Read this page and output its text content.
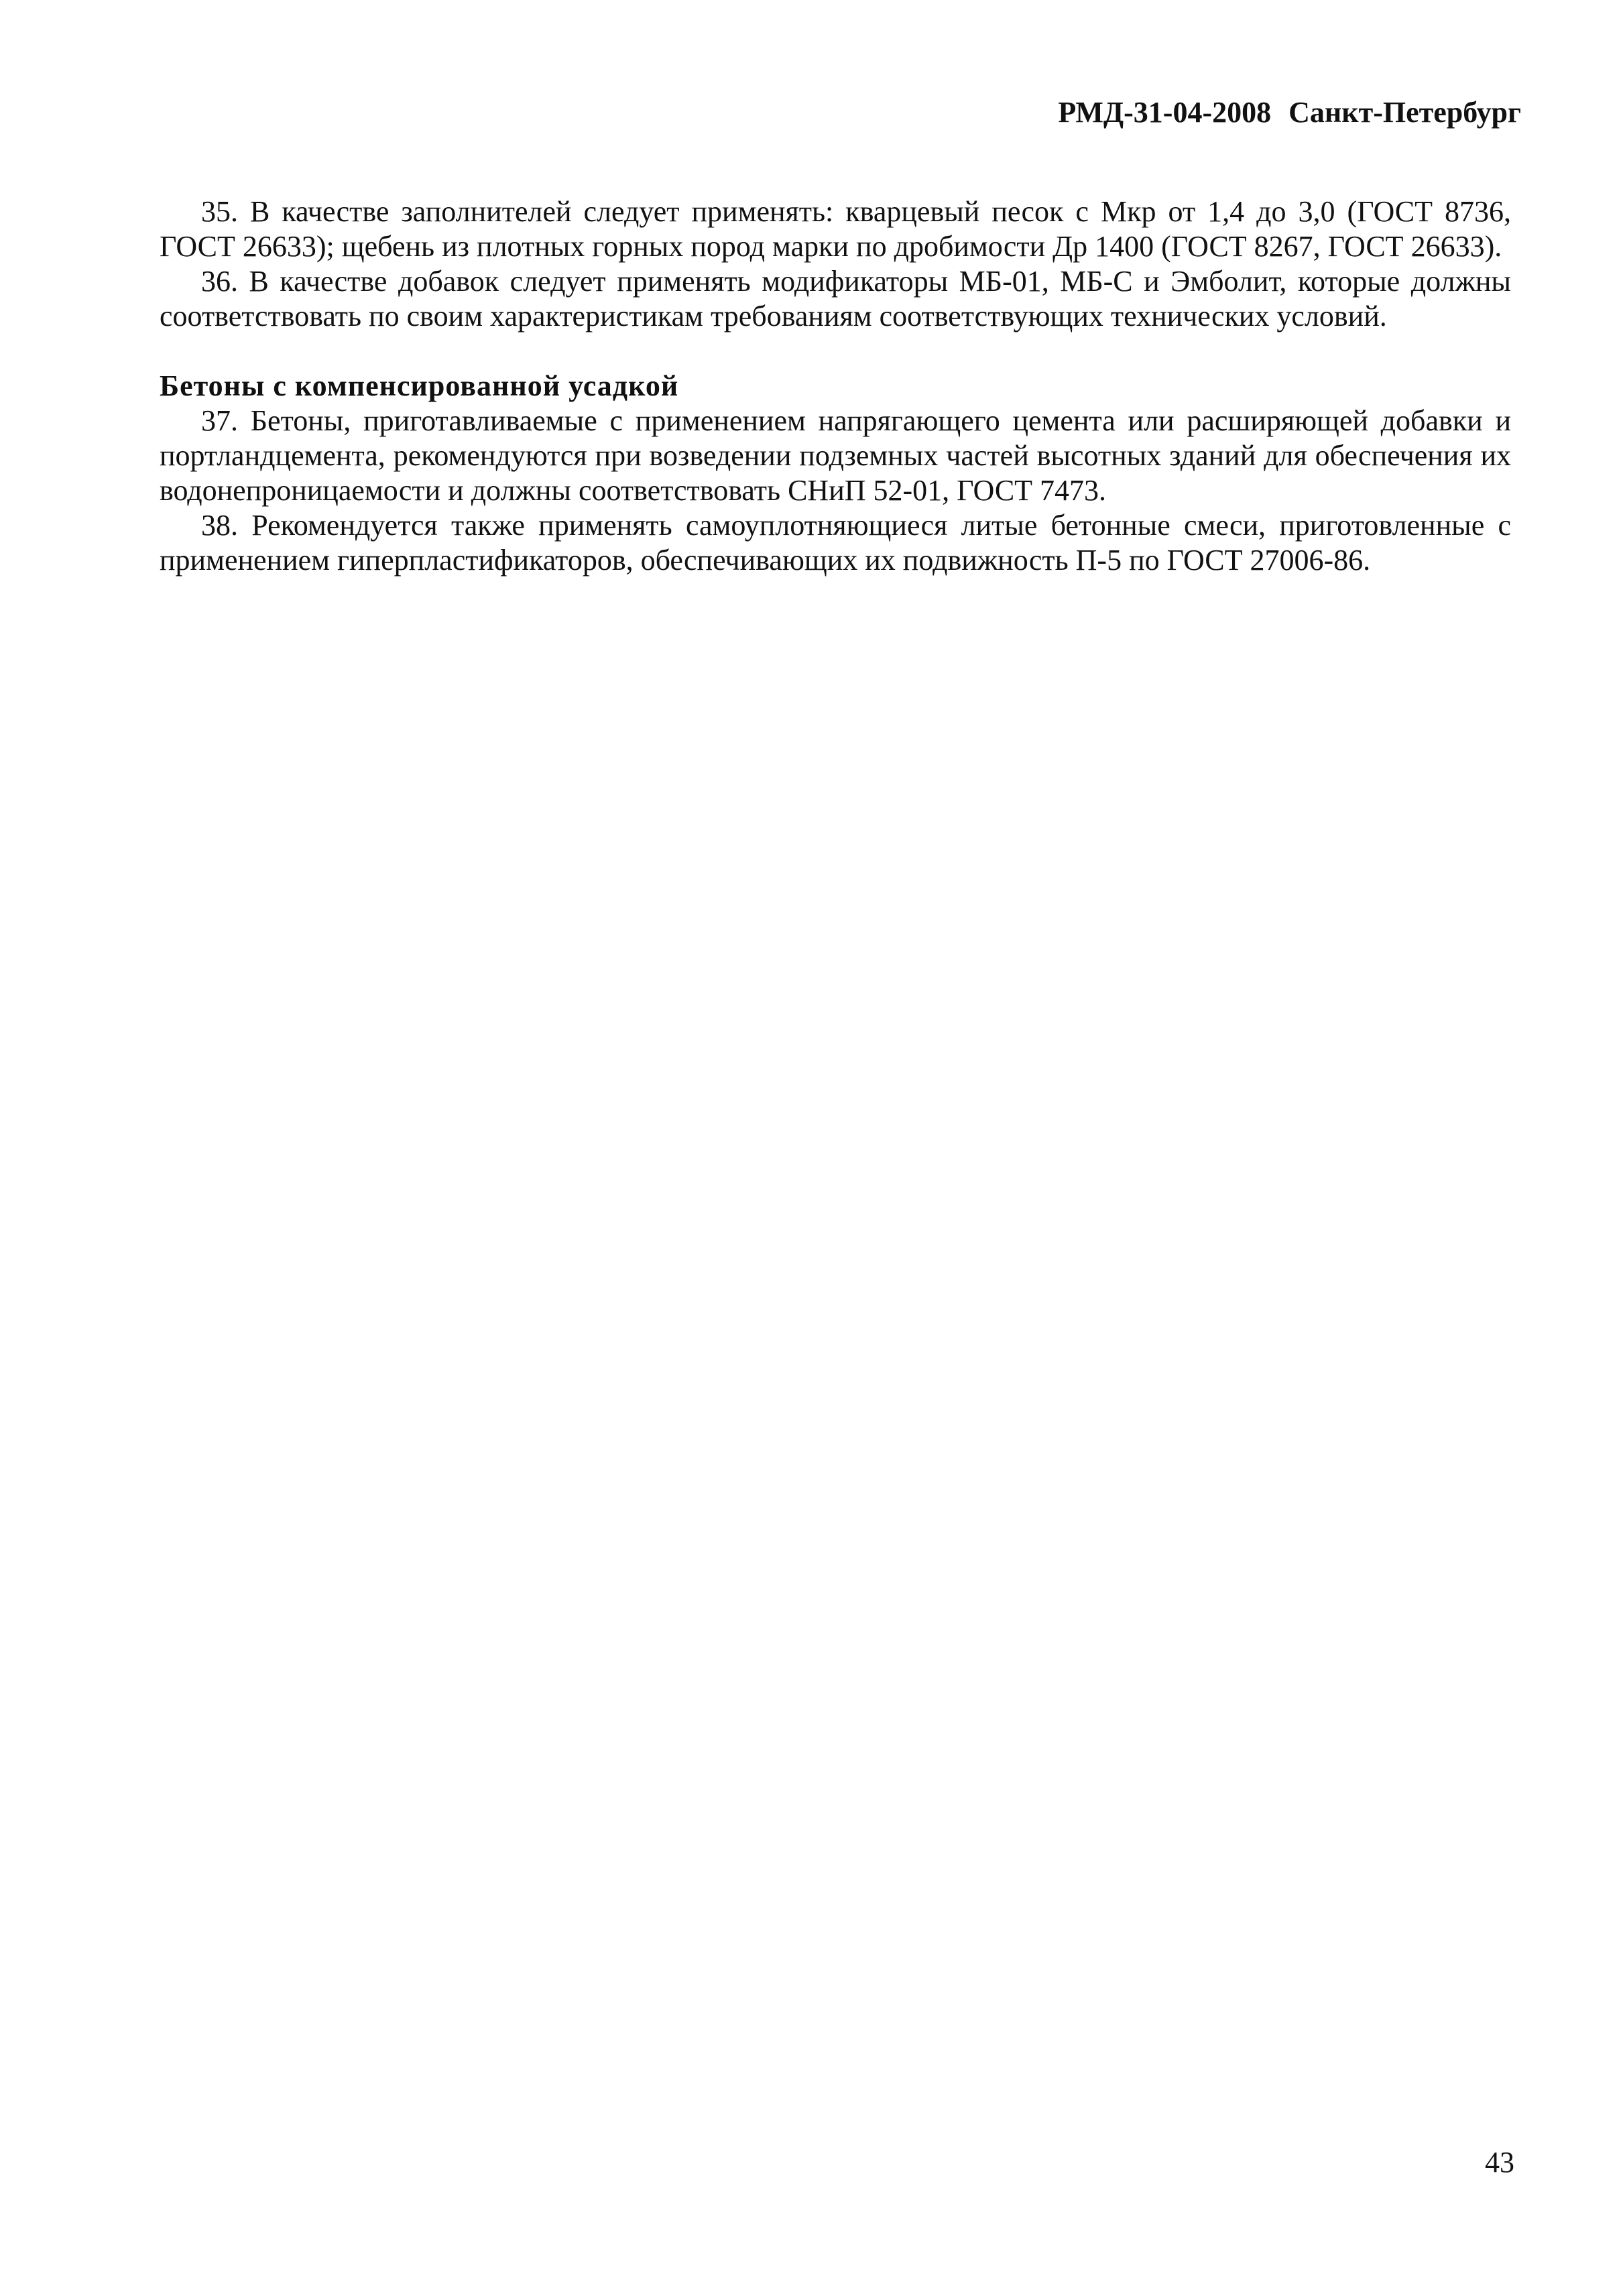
РМД-31-04-2008 Санкт-Петербург

35. В качестве заполнителей следует применять: кварцевый песок с Мкр от 1,4 до 3,0 (ГОСТ 8736, ГОСТ 26633); щебень из плотных горных пород марки по дробимости Др 1400 (ГОСТ 8267, ГОСТ 26633).

36. В качестве добавок следует применять модификаторы МБ-01, МБ-С и Эмболит, которые должны соответствовать по своим характеристикам требованиям соответствующих технических условий.

Бетоны с компенсированной усадкой

37. Бетоны, приготавливаемые с применением напрягающего цемента или расширяющей добавки и портландцемента, рекомендуются при возведении подземных частей высотных зданий для обеспечения их водонепроницаемости и должны соответствовать СНиП 52-01, ГОСТ 7473.

38. Рекомендуется также применять самоуплотняющиеся литые бетонные смеси, приготовленные с применением гиперпластификаторов, обеспечивающих их подвижность П-5 по ГОСТ 27006-86.

43
